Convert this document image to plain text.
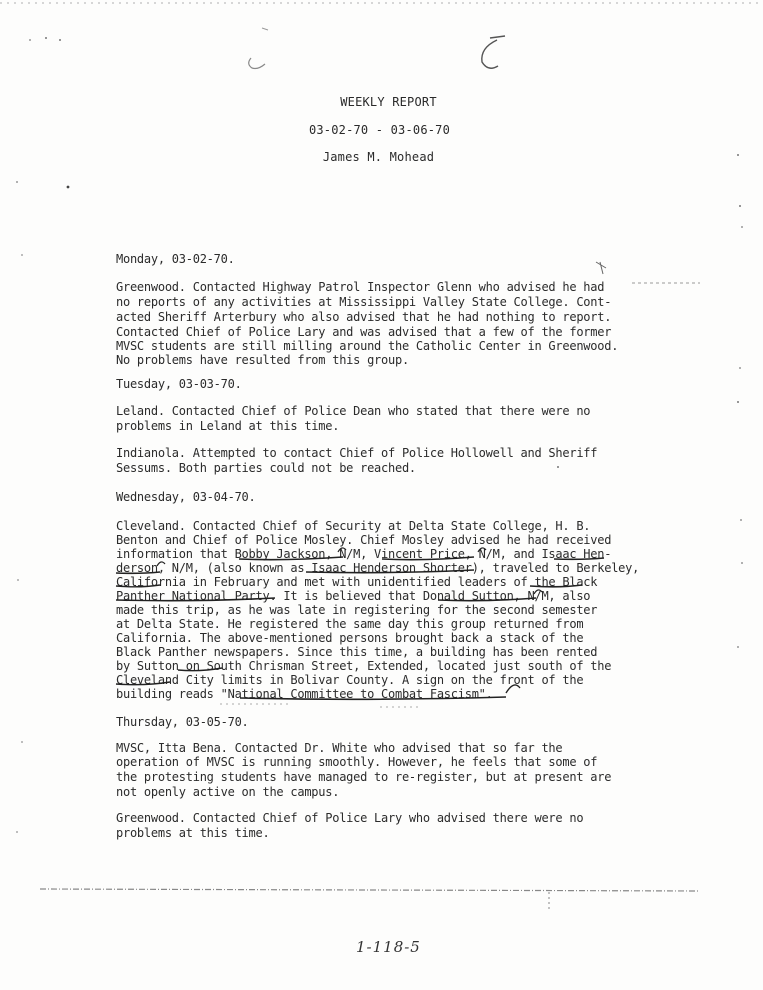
WEEKLY REPORT
03-02-70 - 03-06-70
James M. Mohead
Monday, 03-02-70.
Greenwood. Contacted Highway Patrol Inspector Glenn who advised he had
no reports of any activities at Mississippi Valley State College. Cont-
acted Sheriff Arterbury who also advised that he had nothing to report.
Contacted Chief of Police Lary and was advised that a few of the former
MVSC students are still milling around the Catholic Center in Greenwood.
No problems have resulted from this group.
Tuesday, 03-03-70.
Leland. Contacted Chief of Police Dean who stated that there were no
problems in Leland at this time.
Indianola. Attempted to contact Chief of Police Hollowell and Sheriff
Sessums. Both parties could not be reached.
Wednesday, 03-04-70.
Cleveland. Contacted Chief of Security at Delta State College, H. B.
Benton and Chief of Police Mosley. Chief Mosley advised he had received
information that Bobby Jackson, N/M, Vincent Price, N/M, and Isaac Hen-
derson, N/M, (also known as Isaac Henderson Shorter), traveled to Berkeley,
California in February and met with unidentified leaders of the Black
Panther National Party. It is believed that Donald Sutton, N/M, also
made this trip, as he was late in registering for the second semester
at Delta State. He registered the same day this group returned from
California. The above-mentioned persons brought back a stack of the
Black Panther newspapers. Since this time, a building has been rented
by Sutton on South Chrisman Street, Extended, located just south of the
Cleveland City limits in Bolivar County. A sign on the front of the
building reads "National Committee to Combat Fascism".
Thursday, 03-05-70.
MVSC, Itta Bena. Contacted Dr. White who advised that so far the
operation of MVSC is running smoothly. However, he feels that some of
the protesting students have managed to re-register, but at present are
not openly active on the campus.
Greenwood. Contacted Chief of Police Lary who advised there were no
problems at this time.
1-118-5
